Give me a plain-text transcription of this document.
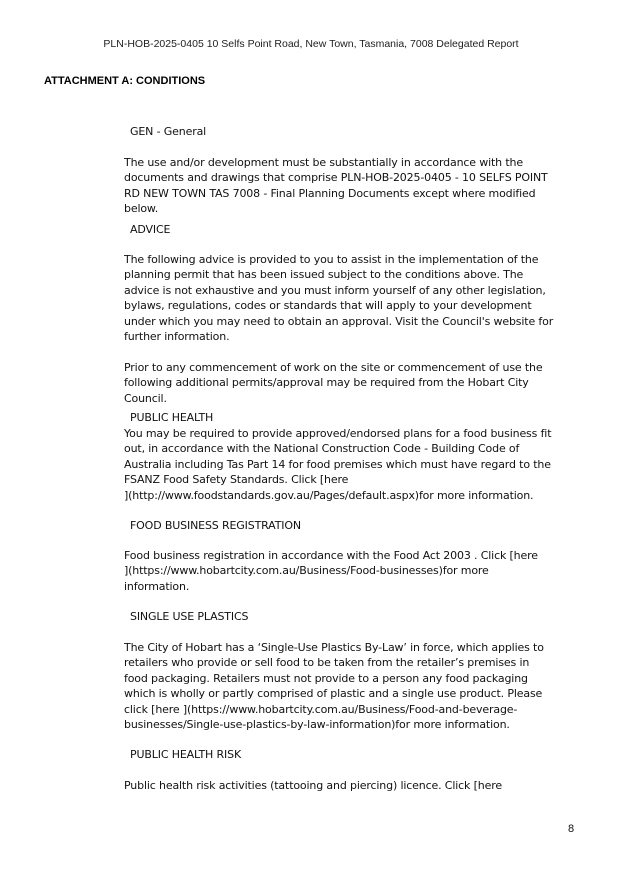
PLN-HOB-2025-0405 10 Selfs Point Road, New Town, Tasmania, 7008 Delegated Report
ATTACHMENT A: CONDITIONS
GEN - General
The use and/or development must be substantially in accordance with the
documents and drawings that comprise PLN-HOB-2025-0405 - 10 SELFS POINT
RD NEW TOWN TAS 7008 - Final Planning Documents except where modified
below.
ADVICE
The following advice is provided to you to assist in the implementation of the
planning permit that has been issued subject to the conditions above. The
advice is not exhaustive and you must inform yourself of any other legislation,
bylaws, regulations, codes or standards that will apply to your development
under which you may need to obtain an approval. Visit the Council's website for
further information.
Prior to any commencement of work on the site or commencement of use the
following additional permits/approval may be required from the Hobart City
Council.
PUBLIC HEALTH
You may be required to provide approved/endorsed plans for a food business fit
out, in accordance with the National Construction Code - Building Code of
Australia including Tas Part 14 for food premises which must have regard to the
FSANZ Food Safety Standards. Click [here
](http://www.foodstandards.gov.au/Pages/default.aspx)for more information.
FOOD BUSINESS REGISTRATION
Food business registration in accordance with the Food Act 2003 . Click [here
](https://www.hobartcity.com.au/Business/Food-businesses)for more
information.
SINGLE USE PLASTICS
The City of Hobart has a ‘Single-Use Plastics By-Law’ in force, which applies to
retailers who provide or sell food to be taken from the retailer’s premises in
food packaging. Retailers must not provide to a person any food packaging
which is wholly or partly comprised of plastic and a single use product. Please
click [here ](https://www.hobartcity.com.au/Business/Food-and-beverage-
businesses/Single-use-plastics-by-law-information)for more information.
PUBLIC HEALTH RISK
Public health risk activities (tattooing and piercing) licence. Click [here
8
